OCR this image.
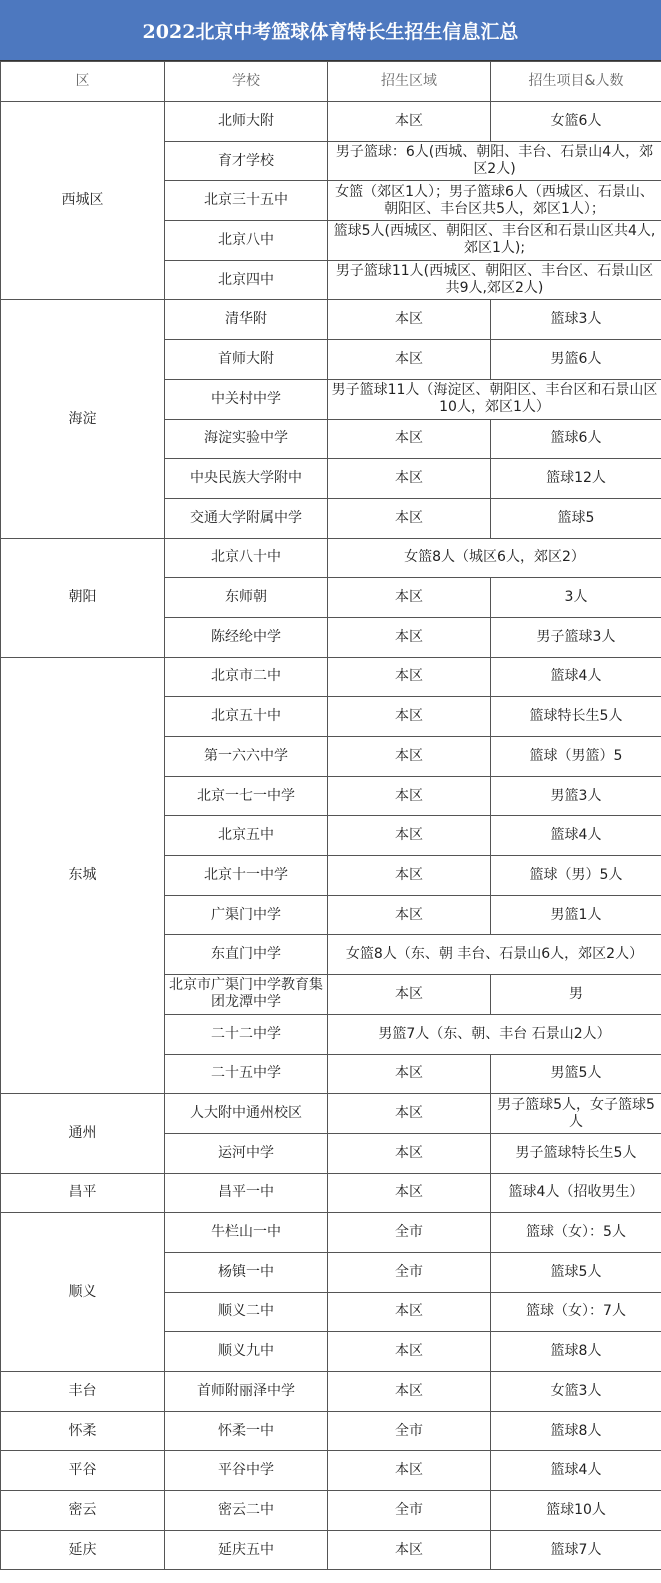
2022北京中考篮球体育特长生招生信息汇总
区	学校	招生区域	招生项目&人数
西城区	北师大附	本区	女篮6人
	育才学校	男子篮球：6人(西城、朝阳、丰台、石景山4人，郊区2人)	
	北京三十五中	女篮（郊区1人）；男子篮球6人（西城区、石景山、朝阳区、丰台区共5人，郊区1人）；	
	北京八中	篮球5人(西城区、朝阳区、丰台区和石景山区共4人,郊区1人);	
	北京四中	男子篮球11人(西城区、朝阳区、丰台区、石景山区共9人,郊区2人)	
海淀	清华附	本区	篮球3人
	首师大附	本区	男篮6人
	中关村中学	男子篮球11人（海淀区、朝阳区、丰台区和石景山区10人，郊区1人）	
	海淀实验中学	本区	篮球6人
	中央民族大学附中	本区	篮球12人
	交通大学附属中学	本区	篮球5
朝阳	北京八十中	女篮8人（城区6人，郊区2）	
	东师朝	本区	3人
	陈经纶中学	本区	男子篮球3人
东城	北京市二中	本区	篮球4人
	北京五十中	本区	篮球特长生5人
	第一六六中学	本区	篮球（男篮）5
	北京一七一中学	本区	男篮3人
	北京五中	本区	篮球4人
	北京十一中学	本区	篮球（男）5人
	广渠门中学	本区	男篮1人
	东直门中学	女篮8人（东、朝 丰台、石景山6人，郊区2人）	
	北京市广渠门中学教育集团龙潭中学	本区	男
	二十二中学	男篮7人（东、朝、丰台 石景山2人）	
	二十五中学	本区	男篮5人
通州	人大附中通州校区	本区	男子篮球5人，女子篮球5人
	运河中学	本区	男子篮球特长生5人
昌平	昌平一中	本区	篮球4人（招收男生）
顺义	牛栏山一中	全市	篮球（女）：5人
	杨镇一中	全市	篮球5人
	顺义二中	本区	篮球（女）：7人
	顺义九中	本区	篮球8人
丰台	首师附丽泽中学	本区	女篮3人
怀柔	怀柔一中	全市	篮球8人
平谷	平谷中学	本区	篮球4人
密云	密云二中	全市	篮球10人
延庆	延庆五中	本区	篮球7人
